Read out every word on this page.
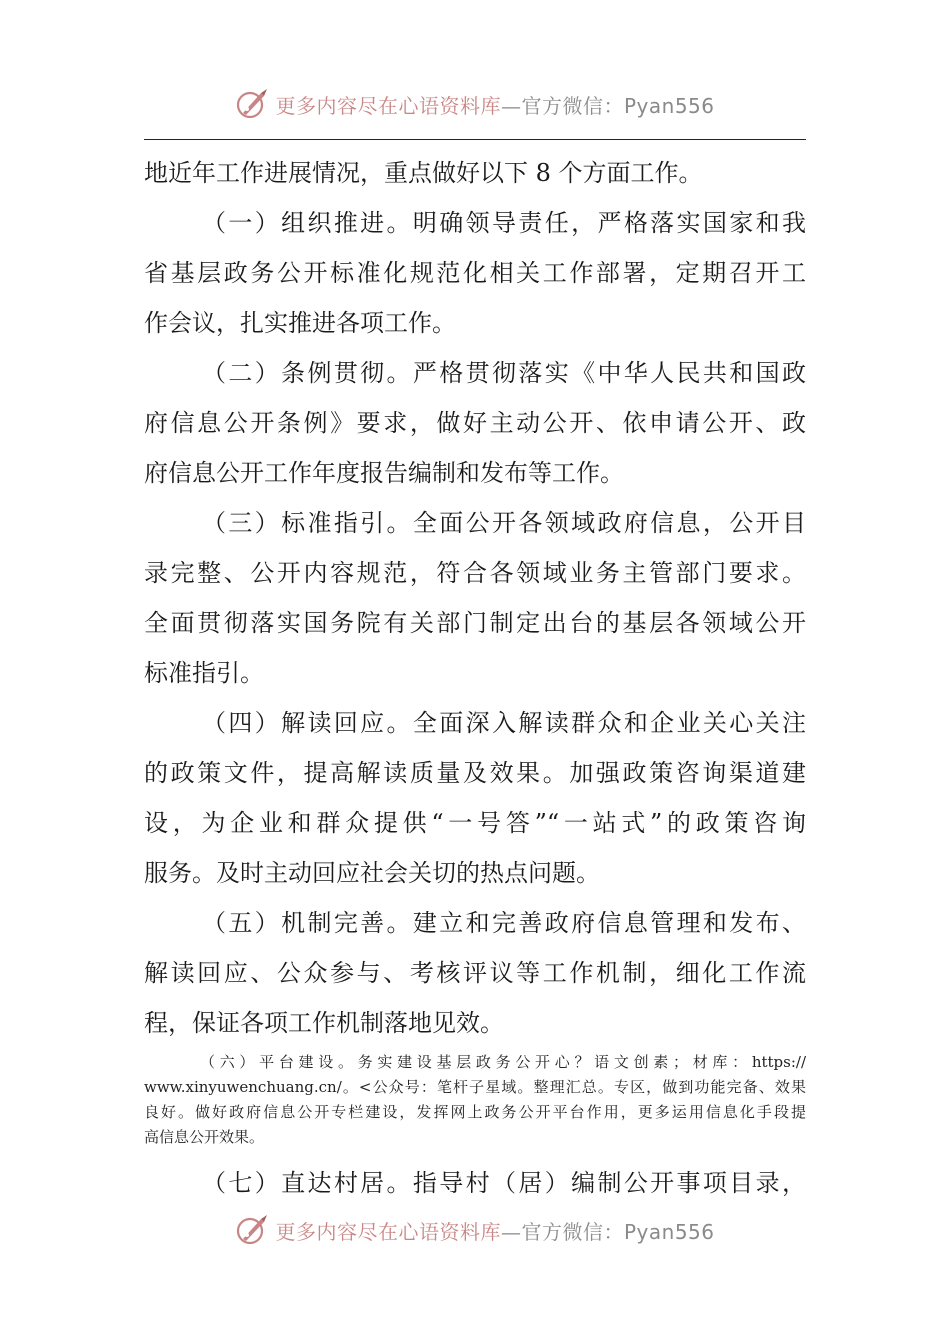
更多内容尽在心语资料库—官方微信：Pyan556
地近年工作进展情况，重点做好以下 8 个方面工作。
（一）组织推进。明确领导责任，严格落实国家和我
省基层政务公开标准化规范化相关工作部署，定期召开工
作会议，扎实推进各项工作。
（二）条例贯彻。严格贯彻落实《中华人民共和国政
府信息公开条例》要求，做好主动公开、依申请公开、政
府信息公开工作年度报告编制和发布等工作。
（三）标准指引。全面公开各领域政府信息，公开目
录完整、公开内容规范，符合各领域业务主管部门要求。
全面贯彻落实国务院有关部门制定出台的基层各领域公开
标准指引。
（四）解读回应。全面深入解读群众和企业关心关注
的政策文件，提高解读质量及效果。加强政策咨询渠道建
设，为企业和群众提供“一号答”“一站式”的政策咨询
服务。及时主动回应社会关切的热点问题。
（五）机制完善。建立和完善政府信息管理和发布、
解读回应、公众参与、考核评议等工作机制，细化工作流
程，保证各项工作机制落地见效。
（六）平台建设。务实建设基层政务公开心？语文创素；材库：https://
www.xinyuwenchuang.cn/。<公众号：笔杆子星域。整理汇总。专区，做到功能完备、效果
良好。做好政府信息公开专栏建设，发挥网上政务公开平台作用，更多运用信息化手段提
高信息公开效果。
（七）直达村居。指导村（居）编制公开事项目录，
更多内容尽在心语资料库—官方微信：Pyan556
